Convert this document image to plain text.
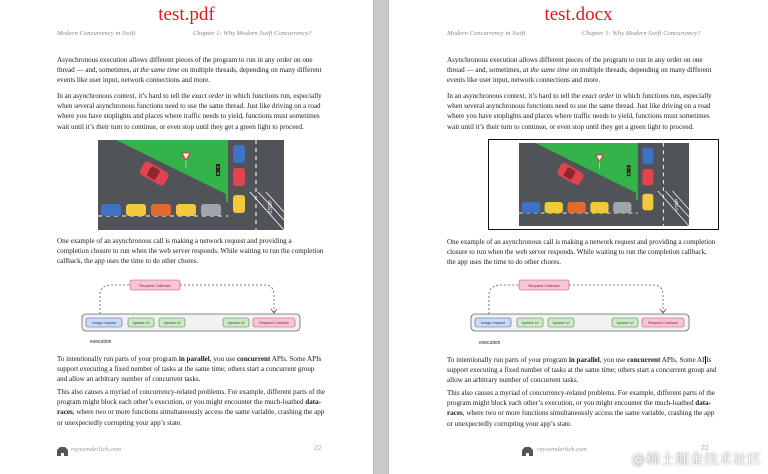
test.pdf
Modern Concurrency in Swift	Chapter 1: Why Modern Swift Concurrency?

Asynchronous execution allows different pieces of the program to run in any order on one thread — and, sometimes, at the same time on multiple threads, depending on many different events like user input, network connections and more.

In an asynchronous context, it’s hard to tell the exact order in which functions run, especially when several asynchronous functions need to use the same thread. Just like driving on a road where you have stoplights and places where traffic needs to yield, functions must sometimes wait until it’s their turn to continue, or even stop until they get a green light to proceed.

STOP

One example of an asynchronous call is making a network request and providing a completion closure to run when the web server responds. While waiting to run the completion callback, the app uses the time to do other chores.

Request Callback
Image request	Update UI	Update UI	Update UI	Request Callback
execution

To intentionally run parts of your program in parallel, you use concurrent APIs. Some APIs support executing a fixed number of tasks at the same time; others start a concurrent group and allow an arbitrary number of concurrent tasks.

This also causes a myriad of concurrency-related problems. For example, different parts of the program might block each other’s execution, or you might encounter the much-loathed data-races, where two or more functions simultaneously access the same variable, crashing the app or unexpectedly corrupting your app’s state.

raywenderlich.com	22
test.docx
Modern Concurrency in Swift	Chapter 1: Why Modern Swift Concurrency?

Asynchronous execution allows different pieces of the program to run in any order on one thread — and, sometimes, at the same time on multiple threads, depending on many different events like user input, network connections and more.

In an asynchronous context, it’s hard to tell the exact order in which functions run, especially when several asynchronous functions need to use the same thread. Just like driving on a road where you have stoplights and places where traffic needs to yield, functions must sometimes wait until it’s their turn to continue, or even stop until they get a green light to proceed.

STOP

One example of an asynchronous call is making a network request and providing a completion closure to run when the web server responds. While waiting to run the completion callback, the app uses the time to do other chores.

Request Callback
Image request	Update UI	Update UI	Update UI	Request Callback
execution

To intentionally run parts of your program in parallel, you use concurrent APIs. Some APIs support executing a fixed number of tasks at the same time; others start a concurrent group and allow an arbitrary number of concurrent tasks.

This also causes a myriad of concurrency-related problems. For example, different parts of the program might block each other’s execution, or you might encounter the much-loathed data-races, where two or more functions simultaneously access the same variable, crashing the app or unexpectedly corrupting your app’s state.

raywenderlich.com	22
@稀土掘金技术社区
